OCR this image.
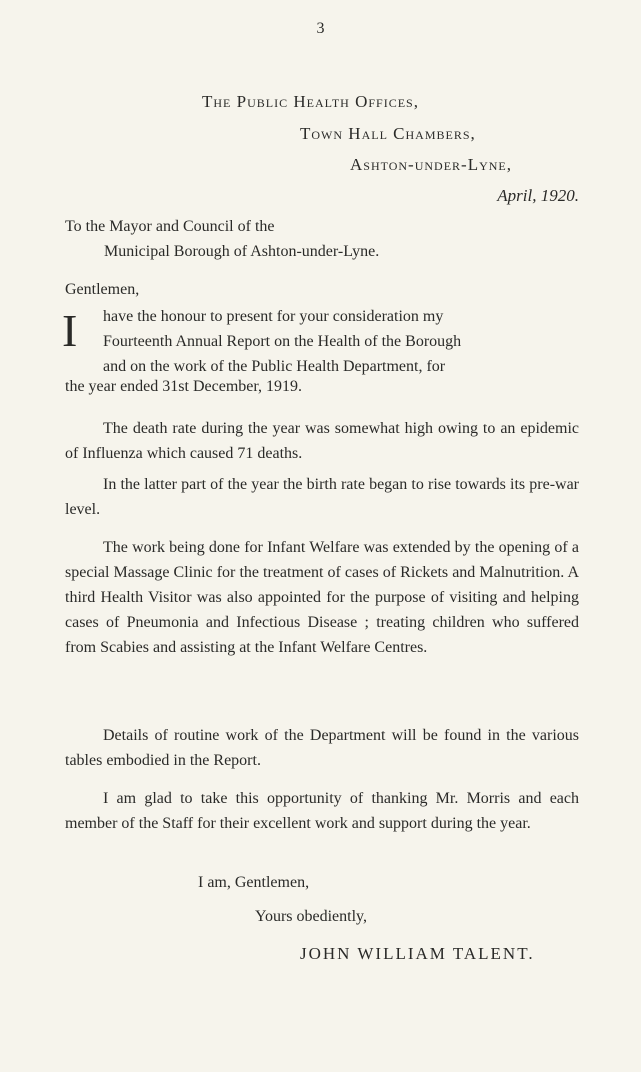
3
The Public Health Offices,
Town Hall Chambers,
Ashton-under-Lyne,
April, 1920.
To the Mayor and Council of the
Municipal Borough of Ashton-under-Lyne.
Gentlemen,
I have the honour to present for your consideration my
Fourteenth Annual Report on the Health of the Borough
and on the work of the Public Health Department, for
the year ended 31st December, 1919.
The death rate during the year was somewhat high owing to an epidemic of Influenza which caused 71 deaths.
In the latter part of the year the birth rate began to rise towards its pre-war level.
The work being done for Infant Welfare was extended by the opening of a special Massage Clinic for the treatment of cases of Rickets and Malnutrition. A third Health Visitor was also appointed for the purpose of visiting and helping cases of Pneumonia and Infectious Disease ; treating children who suffered from Scabies and assisting at the Infant Welfare Centres.
Details of routine work of the Department will be found in the various tables embodied in the Report.
I am glad to take this opportunity of thanking Mr. Morris and each member of the Staff for their excellent work and support during the year.
I am, Gentlemen,
Yours obediently,
JOHN WILLIAM TALENT.
